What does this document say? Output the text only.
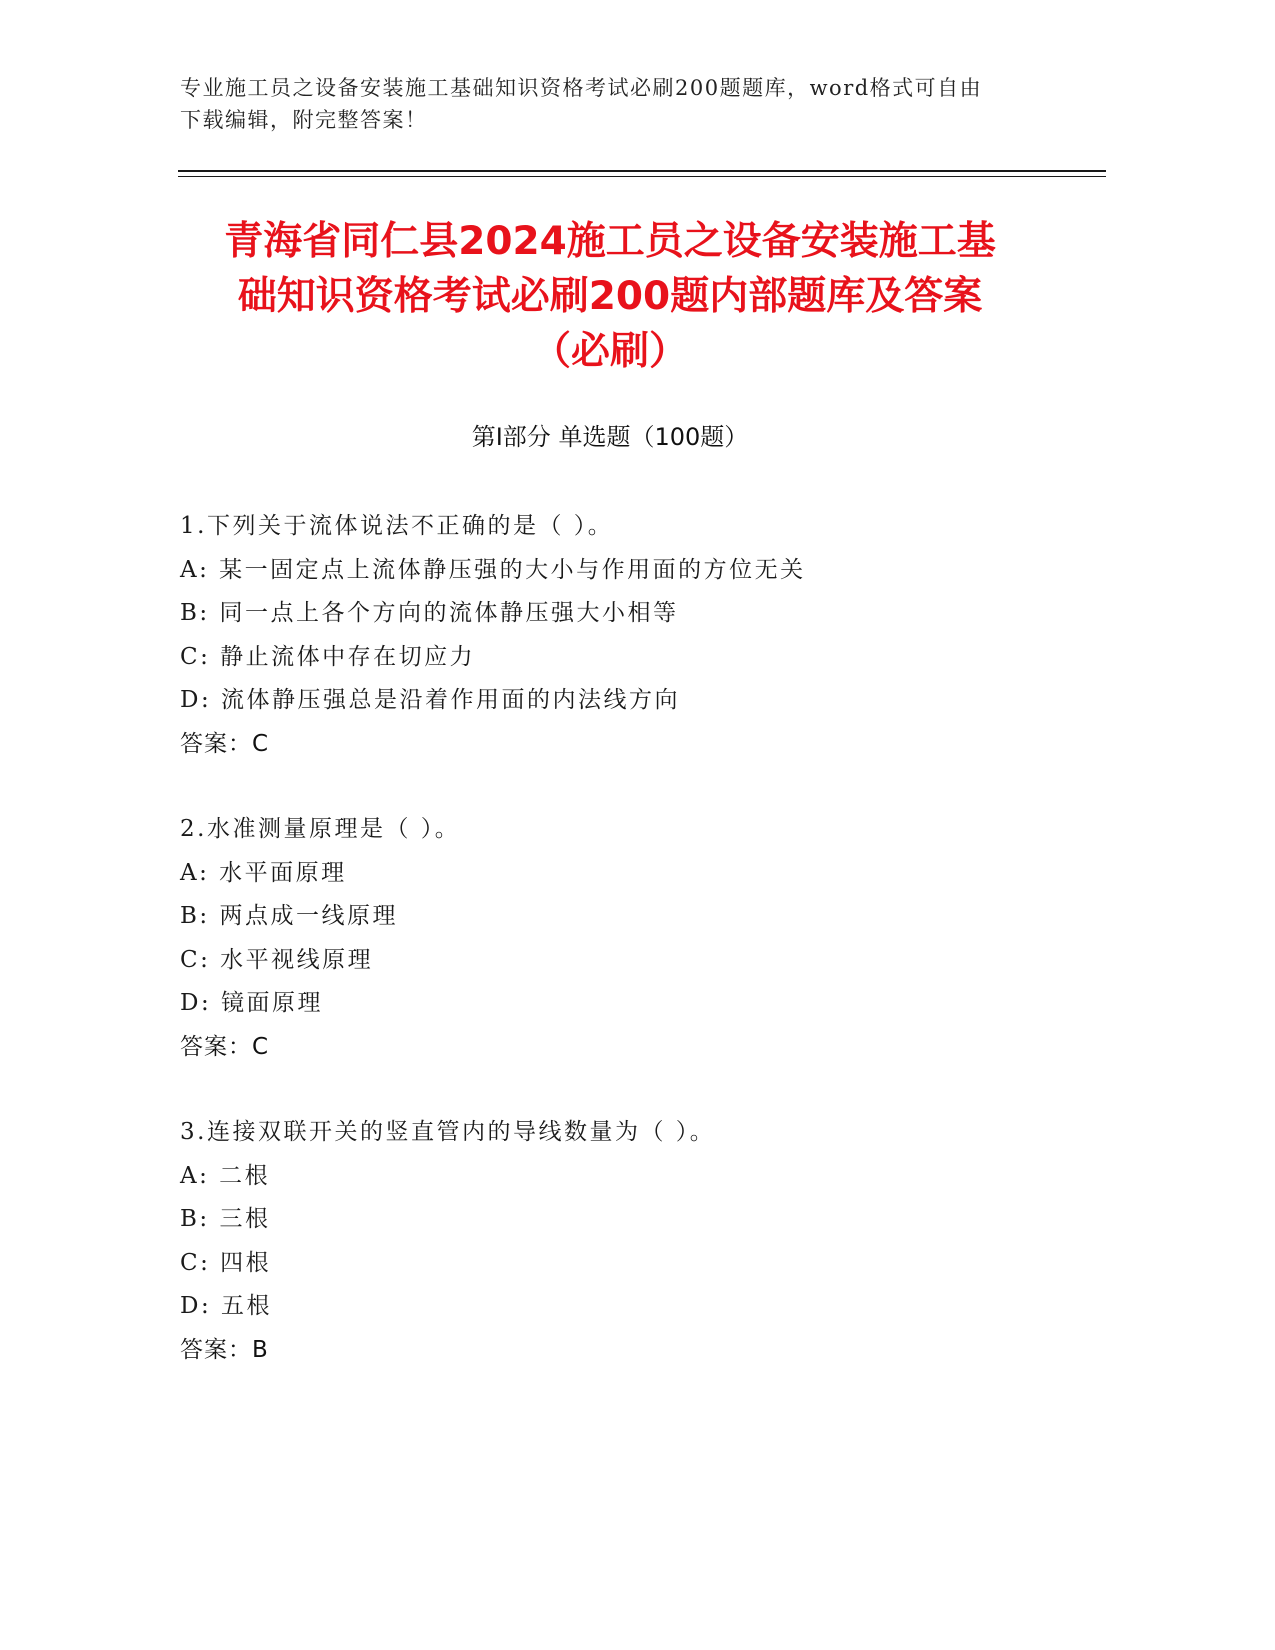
专业施工员之设备安装施工基础知识资格考试必刷200题题库，word格式可自由
下载编辑，附完整答案！
青海省同仁县2024施工员之设备安装施工基
础知识资格考试必刷200题内部题库及答案
（必刷）
第Ⅰ部分 单选题（100题）
1.下列关于流体说法不正确的是（ ）。
A: 某一固定点上流体静压强的大小与作用面的方位无关
B: 同一点上各个方向的流体静压强大小相等
C: 静止流体中存在切应力
D: 流体静压强总是沿着作用面的内法线方向
答案：C
2.水准测量原理是（ ）。
A: 水平面原理
B: 两点成一线原理
C: 水平视线原理
D: 镜面原理
答案：C
3.连接双联开关的竖直管内的导线数量为（ ）。
A: 二根
B: 三根
C: 四根
D: 五根
答案：B
